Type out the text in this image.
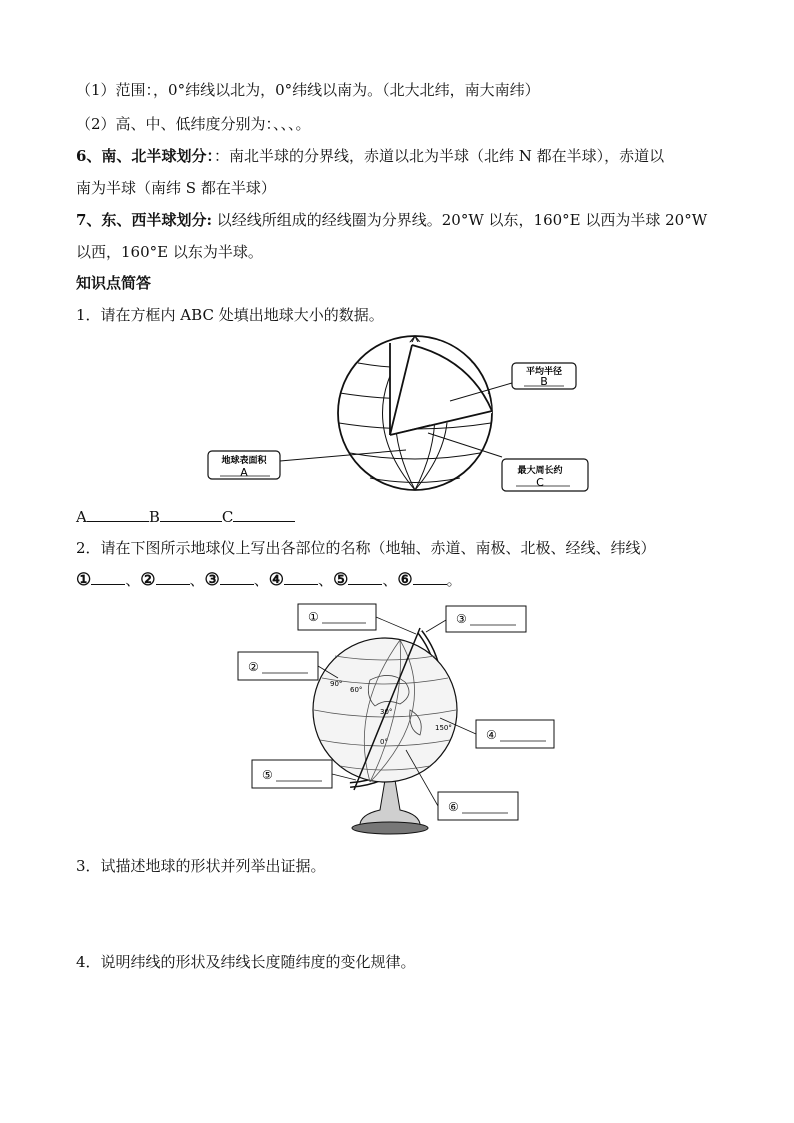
（1）范围：，0°纬线以北为，0°纬线以南为。（北大北纬，南大南纬）
（2）高、中、低纬度分别为：、、、。
6、南、北半球划分：：南北半球的分界线，赤道以北为半球（北纬 N 都在半球），赤道以
南为半球（南纬 S 都在半球）
7、东、西半球划分: 以经线所组成的经线圈为分界线。20°W 以东，160°E 以西为半球 20°W
以西，160°E 以东为半球。
知识点简答
1．请在方框内 ABC 处填出地球大小的数据。
平均半径
B
地球表面积
A	最大周长约
C
A	B	C
2．请在下图所示地球仪上写出各部位的名称（地轴、赤道、南极、北极、经线、纬线）
① 、② 、③ 、④ 、⑤ 、⑥ 。
90°
60°
30°
0°
150°
①	③
②
④
⑤
⑥
3．试描述地球的形状并列举出证据。
4．说明纬线的形状及纬线长度随纬度的变化规律。
